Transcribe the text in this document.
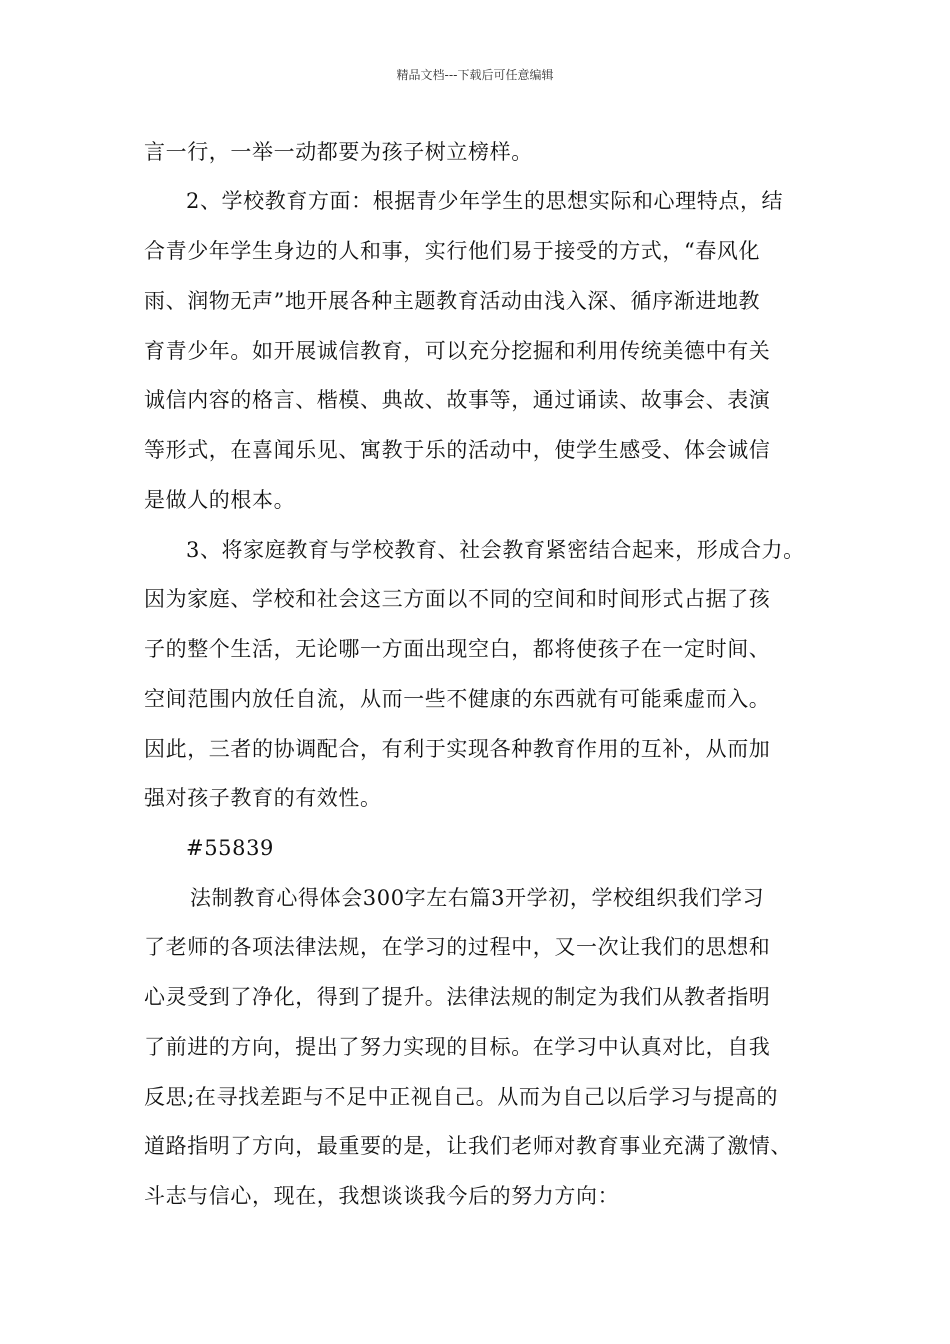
精品文档---下载后可任意编辑
言一行，一举一动都要为孩子树立榜样。
2、学校教育方面：根据青少年学生的思想实际和心理特点，结
合青少年学生身边的人和事，实行他们易于接受的方式，“春风化
雨、润物无声”地开展各种主题教育活动由浅入深、循序渐进地教
育青少年。如开展诚信教育，可以充分挖掘和利用传统美德中有关
诚信内容的格言、楷模、典故、故事等，通过诵读、故事会、表演
等形式，在喜闻乐见、寓教于乐的活动中，使学生感受、体会诚信
是做人的根本。
3、将家庭教育与学校教育、社会教育紧密结合起来，形成合力。
因为家庭、学校和社会这三方面以不同的空间和时间形式占据了孩
子的整个生活，无论哪一方面出现空白，都将使孩子在一定时间、
空间范围内放任自流，从而一些不健康的东西就有可能乘虚而入。
因此，三者的协调配合，有利于实现各种教育作用的互补，从而加
强对孩子教育的有效性。
#55839
法制教育心得体会300字左右篇3开学初，学校组织我们学习
了老师的各项法律法规，在学习的过程中，又一次让我们的思想和
心灵受到了净化，得到了提升。法律法规的制定为我们从教者指明
了前进的方向，提出了努力实现的目标。在学习中认真对比，自我
反思;在寻找差距与不足中正视自己。从而为自己以后学习与提高的
道路指明了方向，最重要的是，让我们老师对教育事业充满了激情、
斗志与信心，现在，我想谈谈我今后的努力方向：
